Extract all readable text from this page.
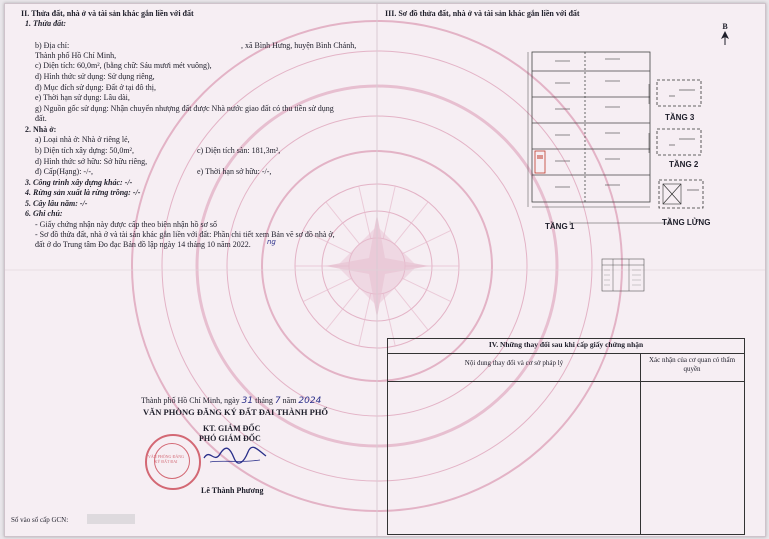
II. Thửa đất, nhà ở và tài sản khác gắn liền với đất
1. Thửa đất:
b) Địa chỉ:	, xã Bình Hưng, huyện Bình Chánh,
Thành phố Hồ Chí Minh,
c) Diện tích: 60,0m², (bằng chữ: Sáu mươi mét vuông),
d) Hình thức sử dụng: Sử dụng riêng,
đ) Mục đích sử dụng: Đất ở tại đô thị,
e) Thời hạn sử dụng: Lâu dài,
g) Nguồn gốc sử dụng: Nhận chuyển nhượng đất được Nhà nước giao đất có thu tiền sử dụng
đất.
2. Nhà ở:
a) Loại nhà ở: Nhà ở riêng lẻ,
b) Diện tích xây dựng: 50,0m²,	c) Diện tích sàn: 181,3m²,
d) Hình thức sở hữu: Sở hữu riêng,
đ) Cấp(Hạng): -/-,	e) Thời hạn sở hữu: -/-,
3. Công trình xây dựng khác: -/-
4. Rừng sản xuất là rừng trồng: -/-
5. Cây lâu năm: -/-
6. Ghi chú:
- Giấy chứng nhận này được cấp theo biên nhận hồ sơ số
- Sơ đồ thửa đất, nhà ở và tài sản khác gắn liền với đất: Phần chi tiết xem Bản vẽ sơ đồ nhà ở,
đất ở do Trung tâm Đo đạc Bản đồ lập ngày 14 tháng 10 năm 2022. ng
Thành phố Hồ Chí Minh, ngày 31 tháng 7 năm 2024
VĂN PHÒNG ĐĂNG KÝ ĐẤT ĐAI THÀNH PHỐ
KT. GIÁM ĐỐC
PHÓ GIÁM ĐỐC
VĂN PHÒNG ĐĂNG KÝ ĐẤT ĐAI
Lê Thành Phương
Số vào sổ cấp GCN:
III. Sơ đồ thửa đất, nhà ở và tài sản khác gắn liền với đất
B
TẦNG 3
TẦNG 2
TẦNG LỬNG
TẦNG 1
IV. Những thay đổi sau khi cấp giấy chứng nhận
Nội dung thay đổi và cơ sở pháp lý	Xác nhận của cơ quan có thẩm quyền
